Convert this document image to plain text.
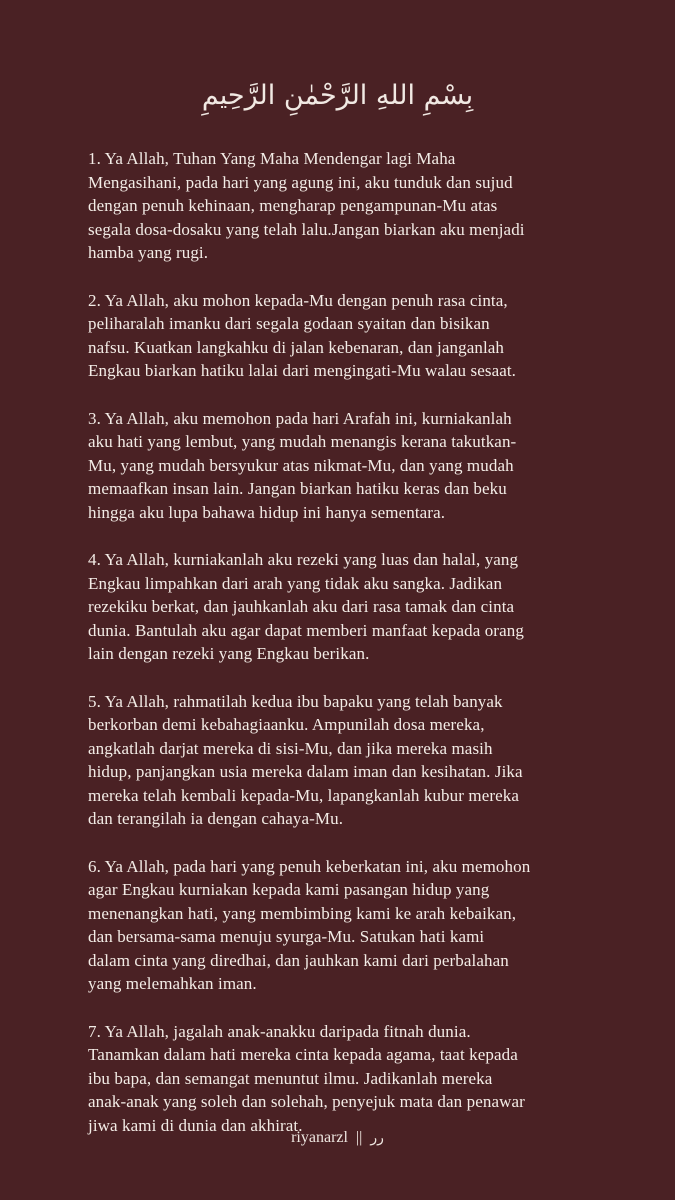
بِسْمِ اللهِ الرَّحْمٰنِ الرَّحِيمِ

1. Ya Allah, Tuhan Yang Maha Mendengar lagi Maha
Mengasihani, pada hari yang agung ini, aku tunduk dan sujud
dengan penuh kehinaan, mengharap pengampunan-Mu atas
segala dosa-dosaku yang telah lalu.Jangan biarkan aku menjadi
hamba yang rugi.

2. Ya Allah, aku mohon kepada-Mu dengan penuh rasa cinta,
peliharalah imanku dari segala godaan syaitan dan bisikan
nafsu. Kuatkan langkahku di jalan kebenaran, dan janganlah
Engkau biarkan hatiku lalai dari mengingati-Mu walau sesaat.

3. Ya Allah, aku memohon pada hari Arafah ini, kurniakanlah
aku hati yang lembut, yang mudah menangis kerana takutkan-
Mu, yang mudah bersyukur atas nikmat-Mu, dan yang mudah
memaafkan insan lain. Jangan biarkan hatiku keras dan beku
hingga aku lupa bahawa hidup ini hanya sementara.

4. Ya Allah, kurniakanlah aku rezeki yang luas dan halal, yang
Engkau limpahkan dari arah yang tidak aku sangka. Jadikan
rezekiku berkat, dan jauhkanlah aku dari rasa tamak dan cinta
dunia. Bantulah aku agar dapat memberi manfaat kepada orang
lain dengan rezeki yang Engkau berikan.

5. Ya Allah, rahmatilah kedua ibu bapaku yang telah banyak
berkorban demi kebahagiaanku. Ampunilah dosa mereka,
angkatlah darjat mereka di sisi-Mu, dan jika mereka masih
hidup, panjangkan usia mereka dalam iman dan kesihatan. Jika
mereka telah kembali kepada-Mu, lapangkanlah kubur mereka
dan terangilah ia dengan cahaya-Mu.

6. Ya Allah, pada hari yang penuh keberkatan ini, aku memohon
agar Engkau kurniakan kepada kami pasangan hidup yang
menenangkan hati, yang membimbing kami ke arah kebaikan,
dan bersama-sama menuju syurga-Mu. Satukan hati kami
dalam cinta yang diredhai, dan jauhkan kami dari perbalahan
yang melemahkan iman.

7. Ya Allah, jagalah anak-anakku daripada fitnah dunia.
Tanamkan dalam hati mereka cinta kepada agama, taat kepada
ibu bapa, dan semangat menuntut ilmu. Jadikanlah mereka
anak-anak yang soleh dan solehah, penyejuk mata dan penawar
jiwa kami di dunia dan akhirat.

riyanarzl || رر
